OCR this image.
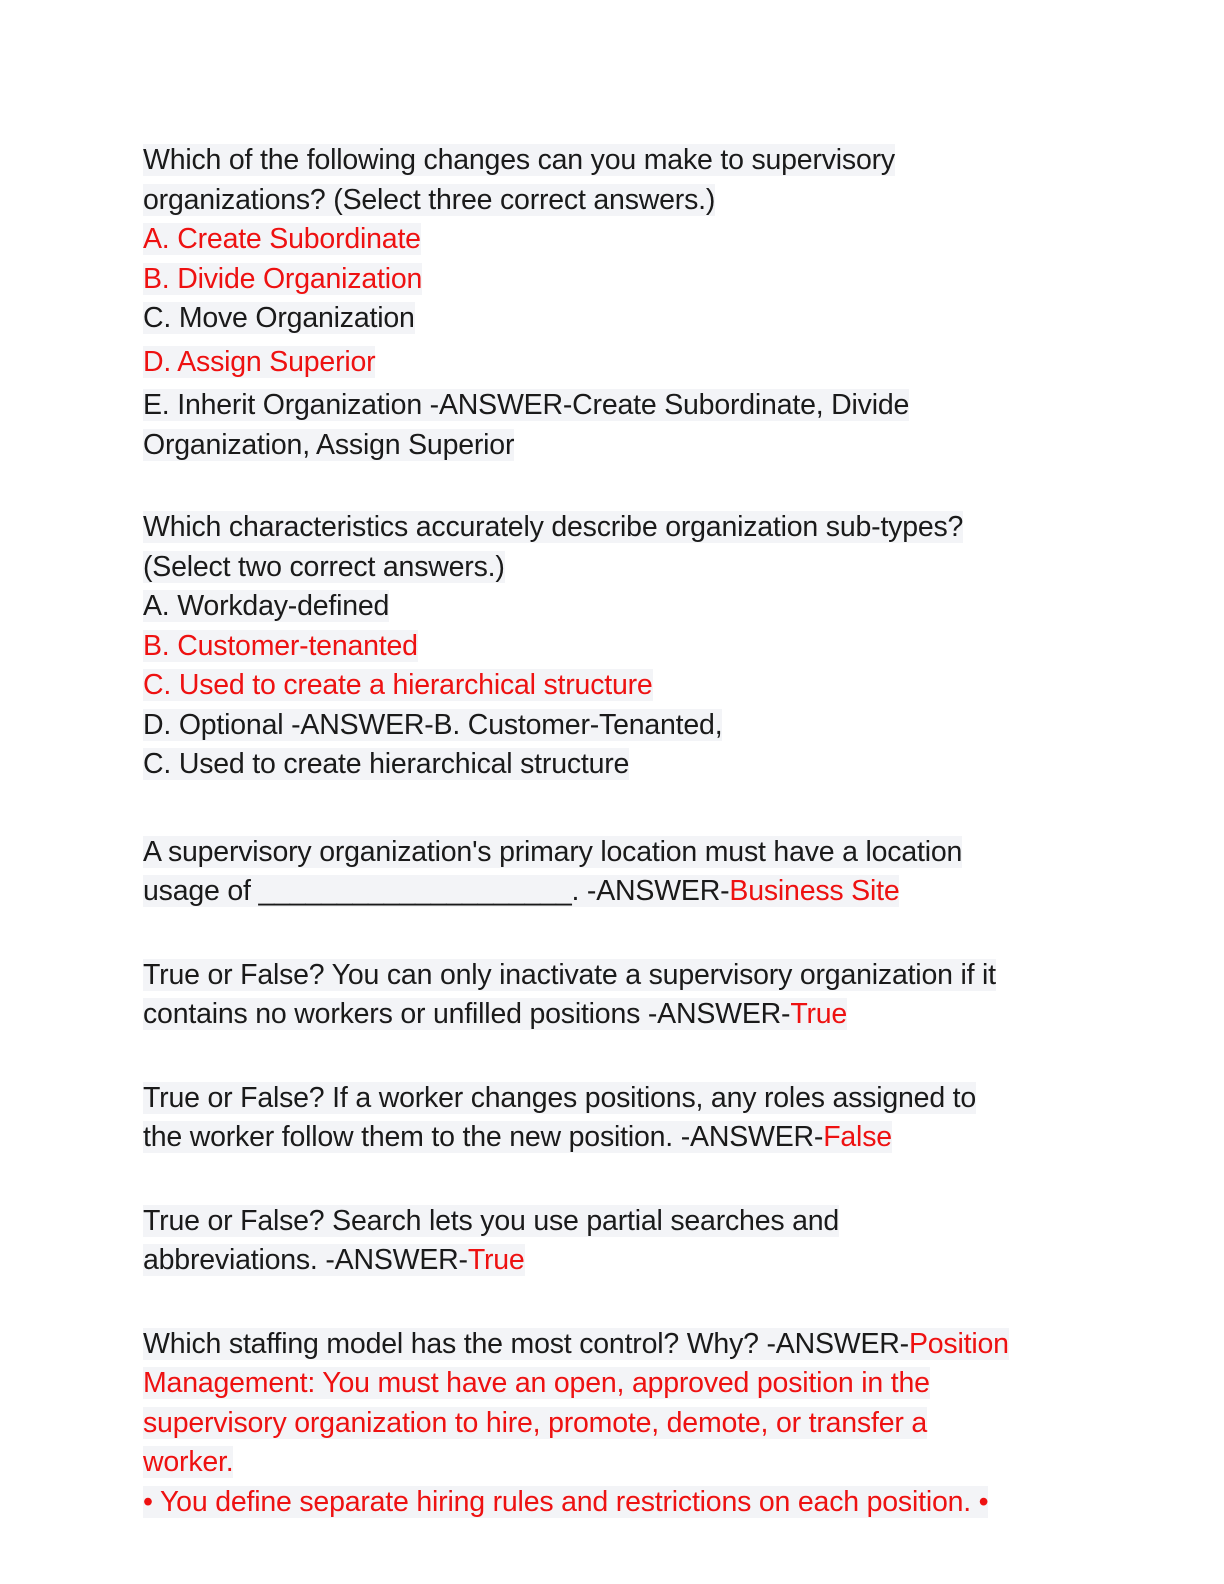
Which of the following changes can you make to supervisory
organizations? (Select three correct answers.)
A. Create Subordinate
B. Divide Organization
C. Move Organization
D. Assign Superior
E. Inherit Organization -ANSWER-Create Subordinate, Divide
Organization, Assign Superior
Which characteristics accurately describe organization sub-types?
(Select two correct answers.)
A. Workday-defined
B. Customer-tenanted
C. Used to create a hierarchical structure
D. Optional -ANSWER-B. Customer-Tenanted,
C. Used to create hierarchical structure
A supervisory organization's primary location must have a location
usage of ____________________. -ANSWER-Business Site
True or False? You can only inactivate a supervisory organization if it
contains no workers or unfilled positions -ANSWER-True
True or False? If a worker changes positions, any roles assigned to
the worker follow them to the new position. -ANSWER-False
True or False? Search lets you use partial searches and
abbreviations. -ANSWER-True
Which staffing model has the most control? Why? -ANSWER-Position
Management: You must have an open, approved position in the
supervisory organization to hire, promote, demote, or transfer a
worker.
• You define separate hiring rules and restrictions on each position. •
